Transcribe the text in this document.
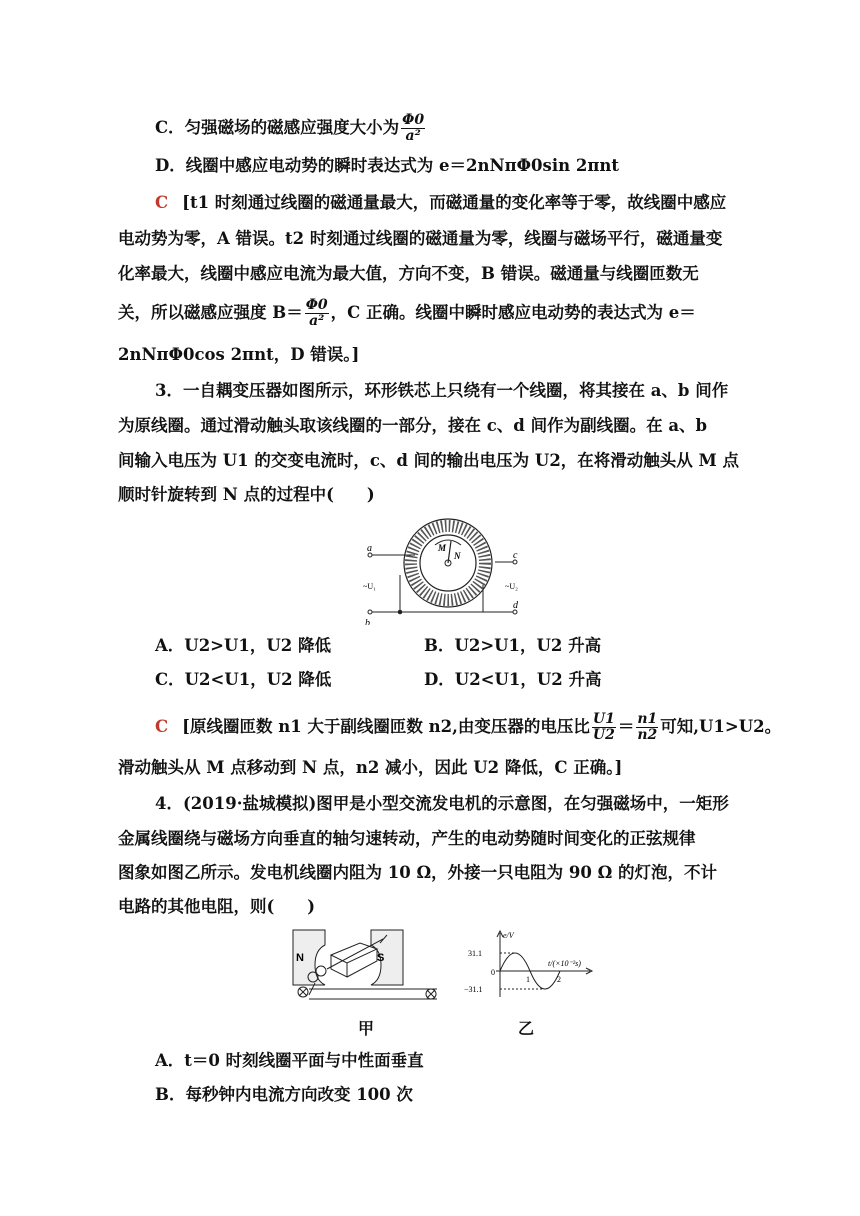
C．匀强磁场的磁感应强度大小为 $\frac{\Phi 0}{\text{a²}}$
D．线圈中感应电动势的瞬时表达式为 e＝2nNπΦ0sin 2πnt
C [t1 时刻通过线圈的磁通量最大，而磁通量的变化率等于零，故线圈中感应
电动势为零，A 错误。t2 时刻通过线圈的磁通量为零，线圈与磁场平行，磁通量变
化率最大，线圈中感应电流为最大值，方向不变，B 错误。磁通量与线圈匝数无
关，所以磁感应强度 $B= \frac{\Phi 0}{\text{a²}}$ ，C 正确。线圈中瞬时感应电动势的表达式为 e＝
2nNπΦ0cos 2πnt，D 错误。]
3．一自耦变压器如图所示，环形铁芯上只绕有一个线圈，将其接在 a、b 间作
为原线圈。通过滑动触头取该线圈的一部分，接在 c、d 间作为副线圈。在 a、b
间输入电压为 U1 的交变电流时，c、d 间的输出电压为 U2，在将滑动触头从 M 点
顺时针旋转到 N 点的过程中(　　)
a
b
c
d
M
N
~U₁	~U₂
A．U2>U1，U2 降低	B．U2>U1，U2 升高
C．U2<U1，U2 降低	D．U2<U1，U2 升高
C [原线圈匝数 n1 大于副线圈匝数 n2,由变压器的电压比 $\frac{U1}{U2} = \frac{n1}{n2}$ 可知,U1>U2。
滑动触头从 M 点移动到 N 点，n2 减小，因此 U2 降低，C 正确。]
4．(2019·盐城模拟)图甲是小型交流发电机的示意图，在匀强磁场中，一矩形
金属线圈绕与磁场方向垂直的轴匀速转动，产生的电动势随时间变化的正弦规律
图象如图乙所示。发电机线圈内阻为 10 Ω，外接一只电阻为 90 Ω 的灯泡，不计
电路的其他电阻，则(　　)
N	S
e/V
31.1
0
−31.1
t/(×10⁻²s)
1	2
甲	乙
A．t＝0 时刻线圈平面与中性面垂直
B．每秒钟内电流方向改变 100 次
